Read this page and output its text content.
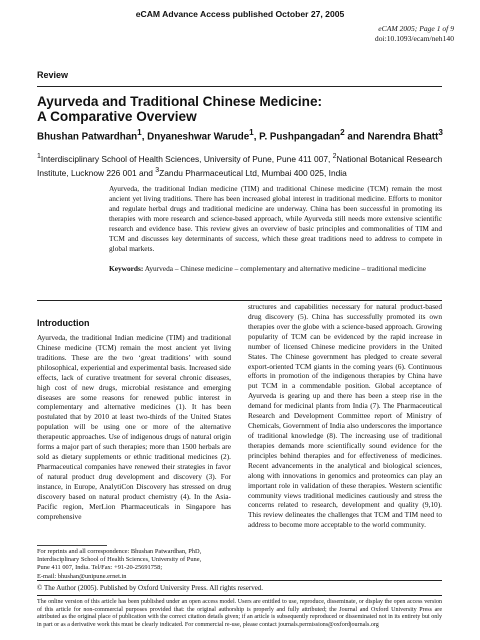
eCAM Advance Access published October 27, 2005
eCAM 2005; Page 1 of 9
doi:10.1093/ecam/neh140
Review
Ayurveda and Traditional Chinese Medicine:
A Comparative Overview
Bhushan Patwardhan$^1$, Dnyaneshwar Warude$^1$, P. Pushpangadan$^2$ and Narendra Bhatt$^3$
$^1$Interdisciplinary School of Health Sciences, University of Pune, Pune 411 007, $^2$National Botanical Research Institute, Lucknow 226 001 and $^3$Zandu Pharmaceutical Ltd, Mumbai 400 025, India
Ayurveda, the traditional Indian medicine (TIM) and traditional Chinese medicine (TCM) remain the most ancient yet living traditions. There has been increased global interest in traditional medicine. Efforts to monitor and regulate herbal drugs and traditional medicine are underway. China has been successful in promoting its therapies with more research and science-based approach, while Ayurveda still needs more extensive scientific research and evidence base. This review gives an overview of basic principles and commonalities of TIM and TCM and discusses key determinants of success, which these great traditions need to address to compete in global markets.
Keywords: Ayurveda – Chinese medicine – complementary and alternative medicine – traditional medicine
Introduction
Ayurveda, the traditional Indian medicine (TIM) and traditional Chinese medicine (TCM) remain the most ancient yet living traditions. These are the two ‘great traditions’ with sound philosophical, experiential and experimental basis. Increased side effects, lack of curative treatment for several chronic diseases, high cost of new drugs, microbial resistance and emerging diseases are some reasons for renewed public interest in complementary and alternative medicines (1). It has been postulated that by 2010 at least two-thirds of the United States population will be using one or more of the alternative therapeutic approaches. Use of indigenous drugs of natural origin forms a major part of such therapies; more than 1500 herbals are sold as dietary supplements or ethnic traditional medicines (2). Pharmaceutical companies have renewed their strategies in favor of natural product drug development and discovery (3). For instance, in Europe, AnalytiCon Discovery has stressed on drug discovery based on natural product chemistry (4). In the Asia-Pacific region, MerLion Pharmaceuticals in Singapore has comprehensive
structures and capabilities necessary for natural product-based drug discovery (5). China has successfully promoted its own therapies over the globe with a science-based approach. Growing popularity of TCM can be evidenced by the rapid increase in number of licensed Chinese medicine providers in the United States. The Chinese government has pledged to create several export-oriented TCM giants in the coming years (6). Continuous efforts in promotion of the indigenous therapies by China have put TCM in a commendable position. Global acceptance of Ayurveda is gearing up and there has been a steep rise in the demand for medicinal plants from India (7). The Pharmaceutical Research and Development Committee report of Ministry of Chemicals, Government of India also underscores the importance of traditional knowledge (8). The increasing use of traditional therapies demands more scientifically sound evidence for the principles behind therapies and for effectiveness of medicines. Recent advancements in the analytical and biological sciences, along with innovations in genomics and proteomics can play an important role in validation of these therapies. Western scientific community views traditional medicines cautiously and stress the concerns related to research, development and quality (9,10). This review delineates the challenges that TCM and TIM need to address to become more acceptable to the world community.
For reprints and all correspondence: Bhushan Patwardhan, PhD,
Interdisciplinary School of Health Sciences, University of Pune,
Pune 411 007, India. Tel/Fax: +91-20-25691758;
E-mail: bhushan@unipune.ernet.in
© The Author (2005). Published by Oxford University Press. All rights reserved.
The online version of this article has been published under an open access model. Users are entitled to use, reproduce, disseminate, or display the open access version of this article for non-commercial purposes provided that: the original authorship is properly and fully attributed; the Journal and Oxford University Press are attributed as the original place of publication with the correct citation details given; if an article is subsequently reproduced or disseminated not in its entirety but only in part or as a derivative work this must be clearly indicated. For commercial re-use, please contact journals.permissions@oxfordjournals.org
